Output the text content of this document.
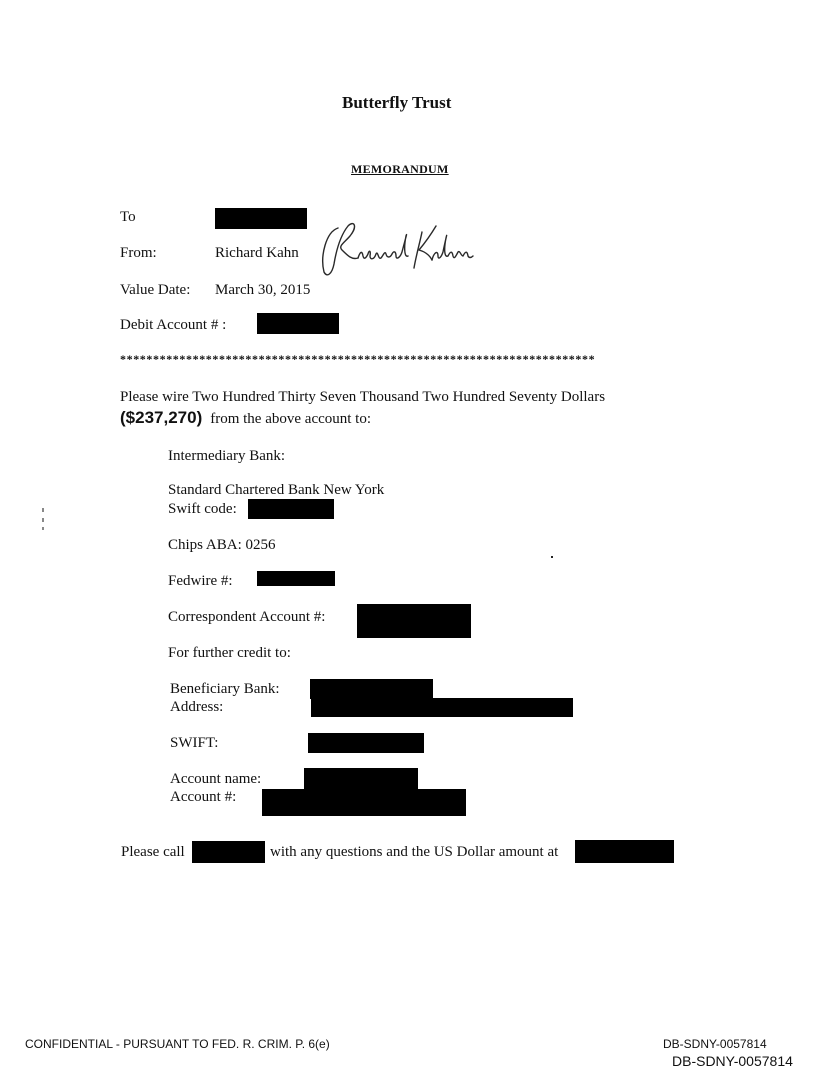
Butterfly Trust
MEMORANDUM
To
From:	Richard Kahn
Value Date: March 30, 2015
Debit Account # :
************************************************************************
Please wire Two Hundred Thirty Seven Thousand Two Hundred Seventy Dollars
($237,270) from the above account to:
Intermediary Bank:
Standard Chartered Bank New York
Swift code:
Chips ABA: 0256
Fedwire #:
Correspondent Account #:
For further credit to:
Beneficiary Bank:
Address:
SWIFT:
Account name:
Account #:
Please call	with any questions and the US Dollar amount at
CONFIDENTIAL - PURSUANT TO FED. R. CRIM. P. 6(e)	DB-SDNY-0057814
DB-SDNY-0057814
